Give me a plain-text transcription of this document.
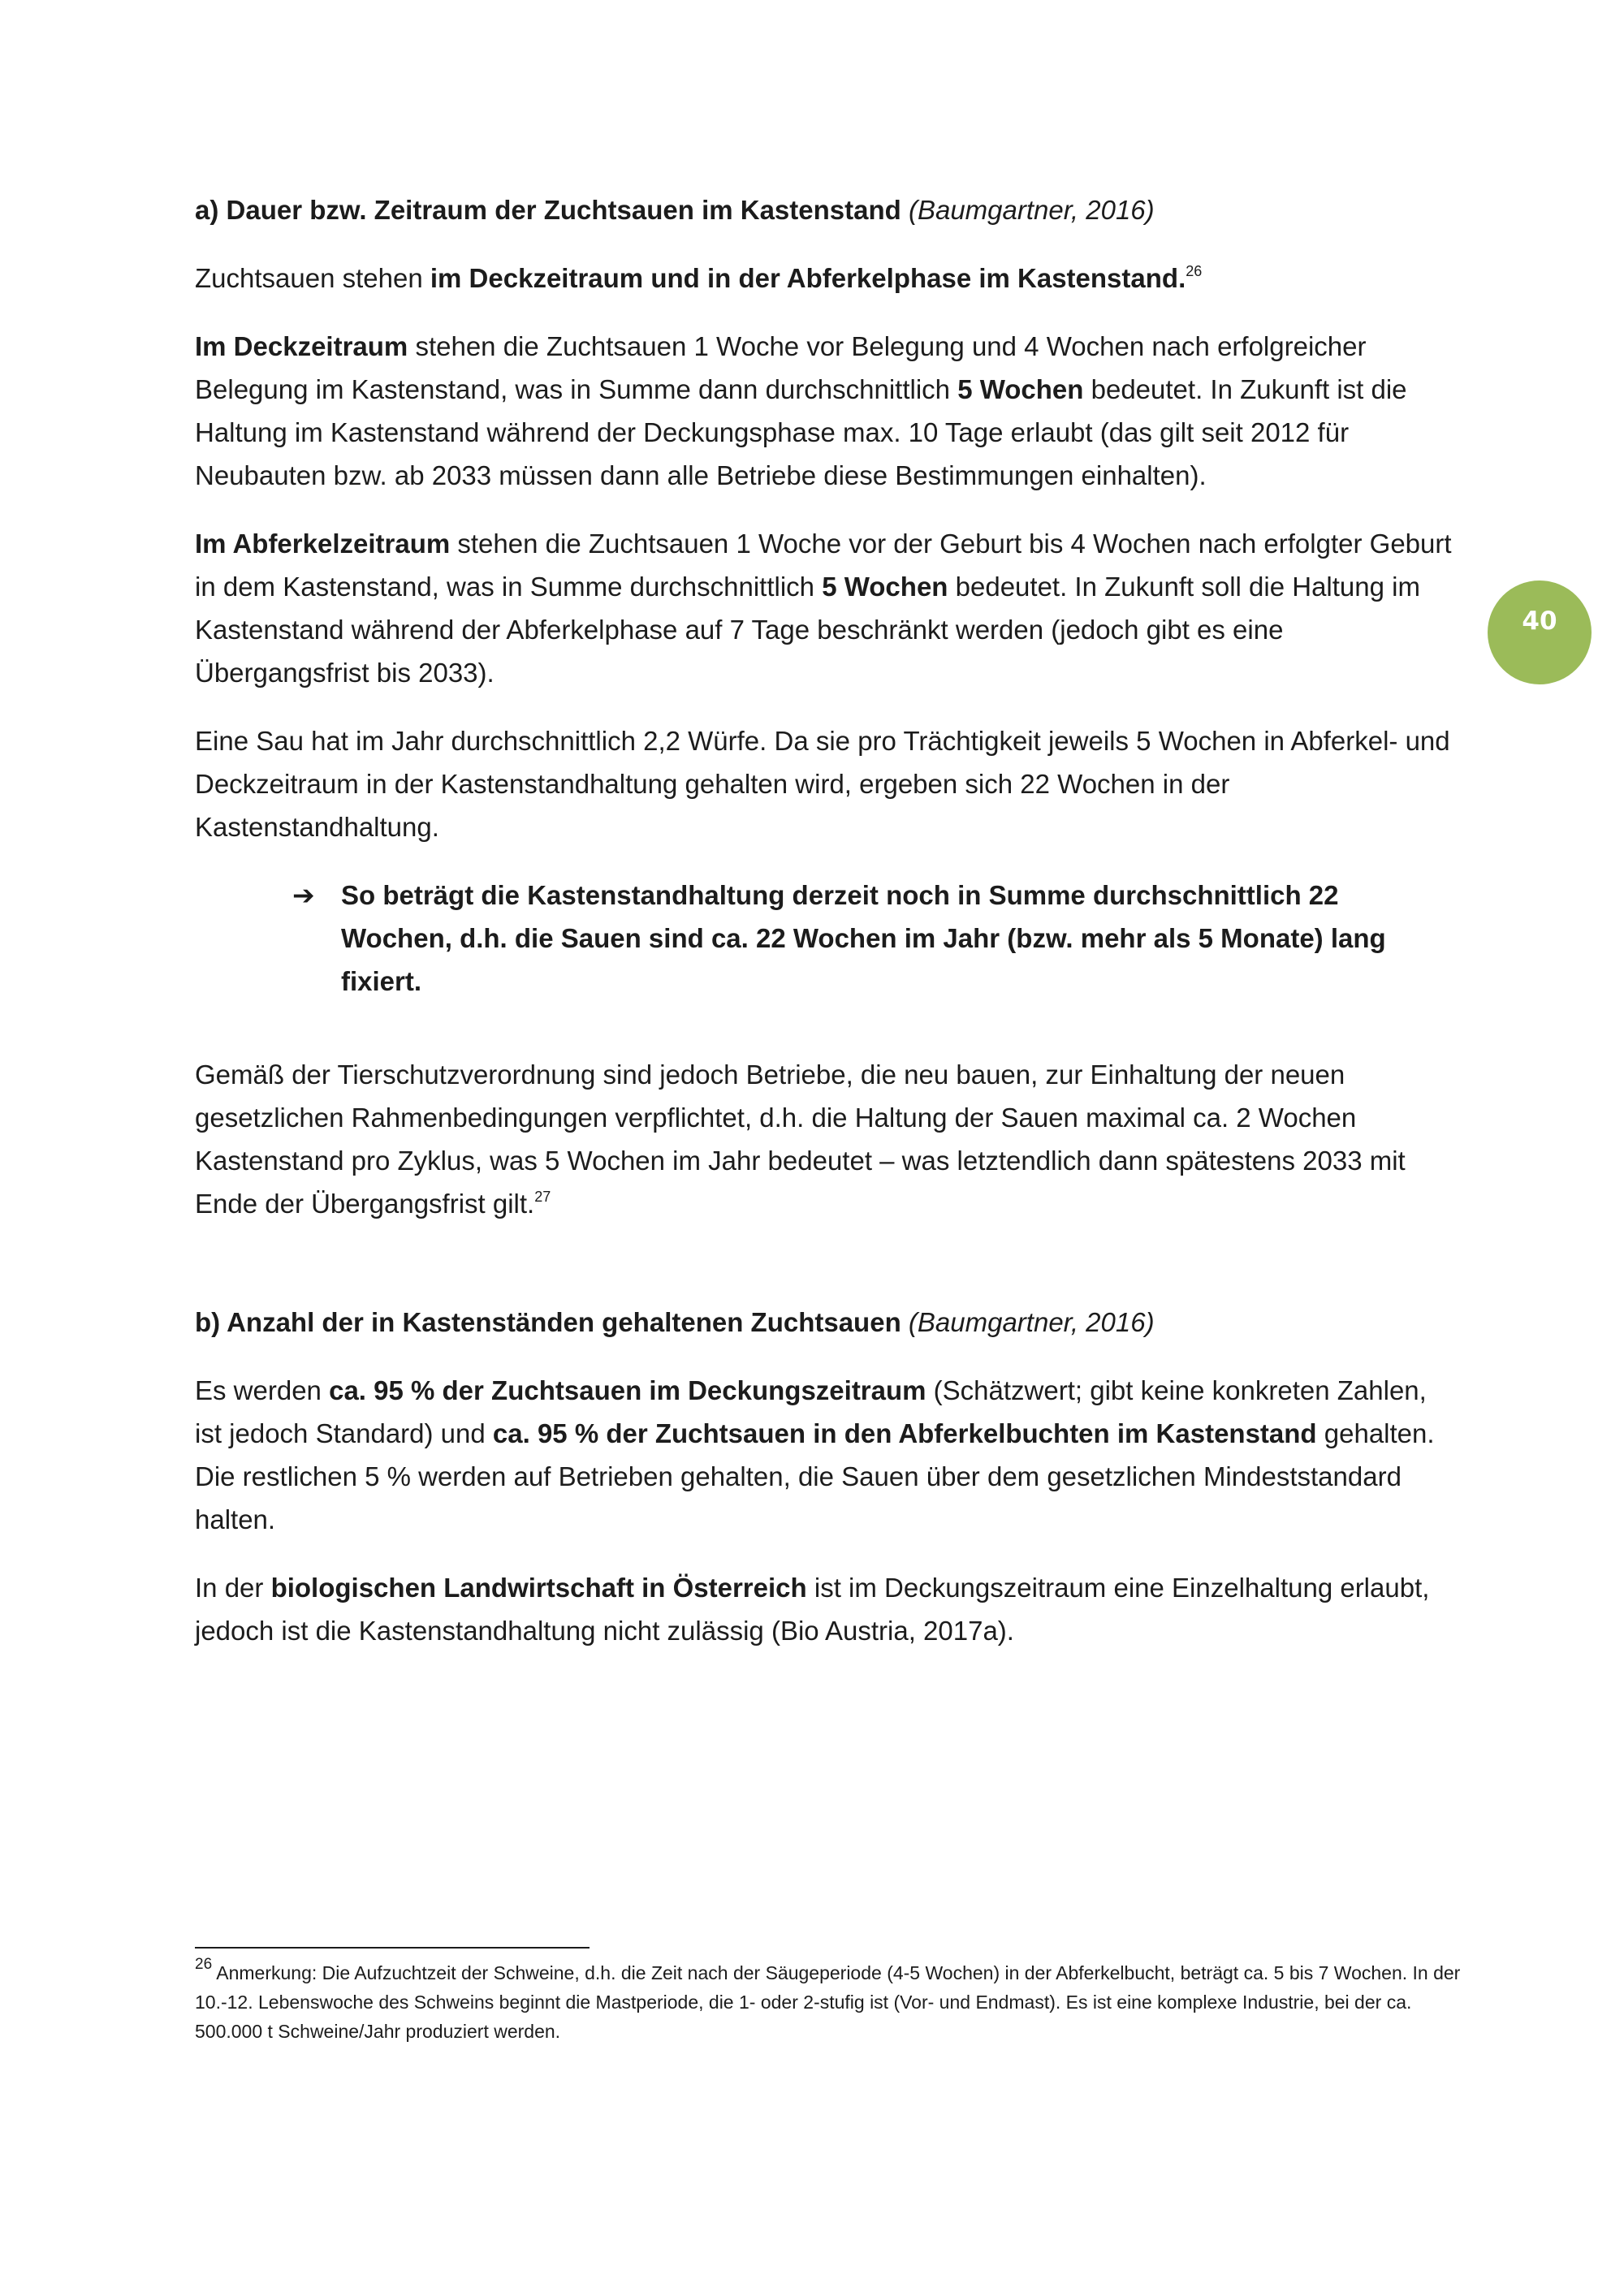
a) Dauer bzw. Zeitraum der Zuchtsauen im Kastenstand (Baumgartner, 2016)

Zuchtsauen stehen im Deckzeitraum und in der Abferkelphase im Kastenstand.$^{26}$

Im Deckzeitraum stehen die Zuchtsauen 1 Woche vor Belegung und 4 Wochen nach erfolgreicher Belegung im Kastenstand, was in Summe dann durchschnittlich 5 Wochen bedeutet. In Zukunft ist die Haltung im Kastenstand während der Deckungsphase max. 10 Tage erlaubt (das gilt seit 2012 für Neubauten bzw. ab 2033 müssen dann alle Betriebe diese Bestimmungen einhalten).

Im Abferkelzeitraum stehen die Zuchtsauen 1 Woche vor der Geburt bis 4 Wochen nach erfolgter Geburt in dem Kastenstand, was in Summe durchschnittlich 5 Wochen bedeutet. In Zukunft soll die Haltung im Kastenstand während der Abferkelphase auf 7 Tage beschränkt werden (jedoch gibt es eine Übergangsfrist bis 2033).

Eine Sau hat im Jahr durchschnittlich 2,2 Würfe. Da sie pro Trächtigkeit jeweils 5 Wochen in Abferkel- und Deckzeitraum in der Kastenstandhaltung gehalten wird, ergeben sich 22 Wochen in der Kastenstandhaltung.

➔ So beträgt die Kastenstandhaltung derzeit noch in Summe durchschnittlich 22 Wochen, d.h. die Sauen sind ca. 22 Wochen im Jahr (bzw. mehr als 5 Monate) lang fixiert.

Gemäß der Tierschutzverordnung sind jedoch Betriebe, die neu bauen, zur Einhaltung der neuen gesetzlichen Rahmenbedingungen verpflichtet, d.h. die Haltung der Sauen maximal ca. 2 Wochen Kastenstand pro Zyklus, was 5 Wochen im Jahr bedeutet – was letztendlich dann spätestens 2033 mit Ende der Übergangsfrist gilt.$^{27}$

b) Anzahl der in Kastenständen gehaltenen Zuchtsauen (Baumgartner, 2016)

Es werden ca. 95 % der Zuchtsauen im Deckungszeitraum (Schätzwert; gibt keine konkreten Zahlen, ist jedoch Standard) und ca. 95 % der Zuchtsauen in den Abferkelbuchten im Kastenstand gehalten. Die restlichen 5 % werden auf Betrieben gehalten, die Sauen über dem gesetzlichen Mindeststandard halten.

In der biologischen Landwirtschaft in Österreich ist im Deckungszeitraum eine Einzelhaltung erlaubt, jedoch ist die Kastenstandhaltung nicht zulässig (Bio Austria, 2017a).

40
$^{26}$ Anmerkung: Die Aufzuchtzeit der Schweine, d.h. die Zeit nach der Säugeperiode (4-5 Wochen) in der Abferkelbucht, beträgt ca. 5 bis 7 Wochen. In der 10.-12. Lebenswoche des Schweins beginnt die Mastperiode, die 1- oder 2-stufig ist (Vor- und Endmast). Es ist eine komplexe Industrie, bei der ca. 500.000 t Schweine/Jahr produziert werden.
